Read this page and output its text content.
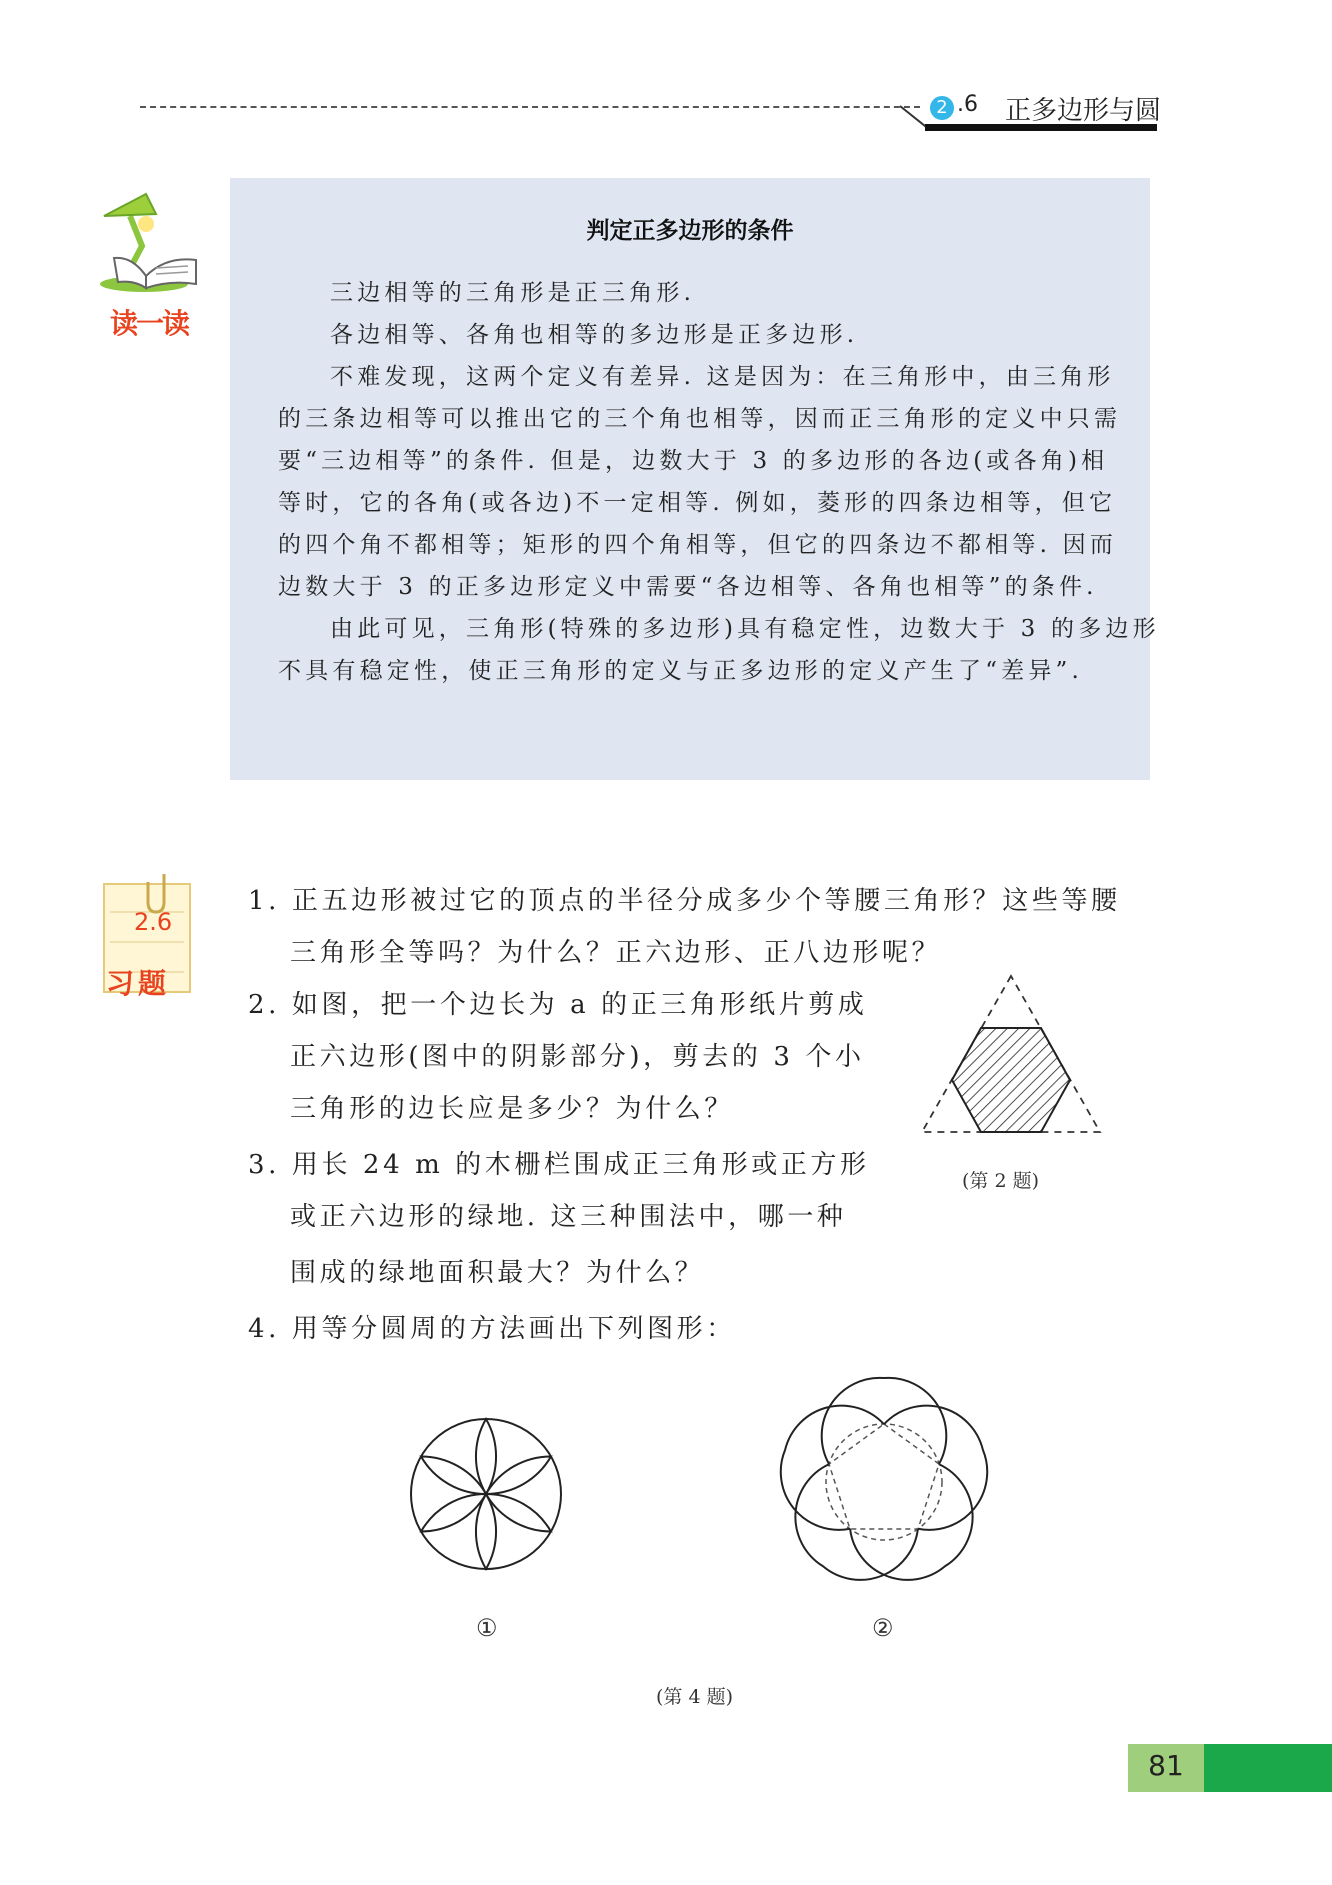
2 .6 正多边形与圆
读一读
判定正多边形的条件
三边相等的三角形是正三角形.
各边相等、各角也相等的多边形是正多边形.
不难发现，这两个定义有差异. 这是因为：在三角形中，由三角形
的三条边相等可以推出它的三个角也相等，因而正三角形的定义中只需
要“三边相等”的条件. 但是，边数大于 3 的多边形的各边(或各角)相
等时，它的各角(或各边)不一定相等. 例如，菱形的四条边相等，但它
的四个角不都相等；矩形的四个角相等，但它的四条边不都相等. 因而
边数大于 3 的正多边形定义中需要“各边相等、各角也相等”的条件.
由此可见，三角形(特殊的多边形)具有稳定性，边数大于 3 的多边形
不具有稳定性，使正三角形的定义与正多边形的定义产生了“差异”.
2.6
习题
1. 正五边形被过它的顶点的半径分成多少个等腰三角形？这些等腰
三角形全等吗？为什么？正六边形、正八边形呢？
2. 如图，把一个边长为 a 的正三角形纸片剪成
正六边形(图中的阴影部分)，剪去的 3 个小
三角形的边长应是多少？为什么？
3. 用长 24 m 的木栅栏围成正三角形或正方形
或正六边形的绿地. 这三种围法中，哪一种
围成的绿地面积最大？为什么？
4. 用等分圆周的方法画出下列图形：
(第 2 题)
①	②
(第 4 题)
81
